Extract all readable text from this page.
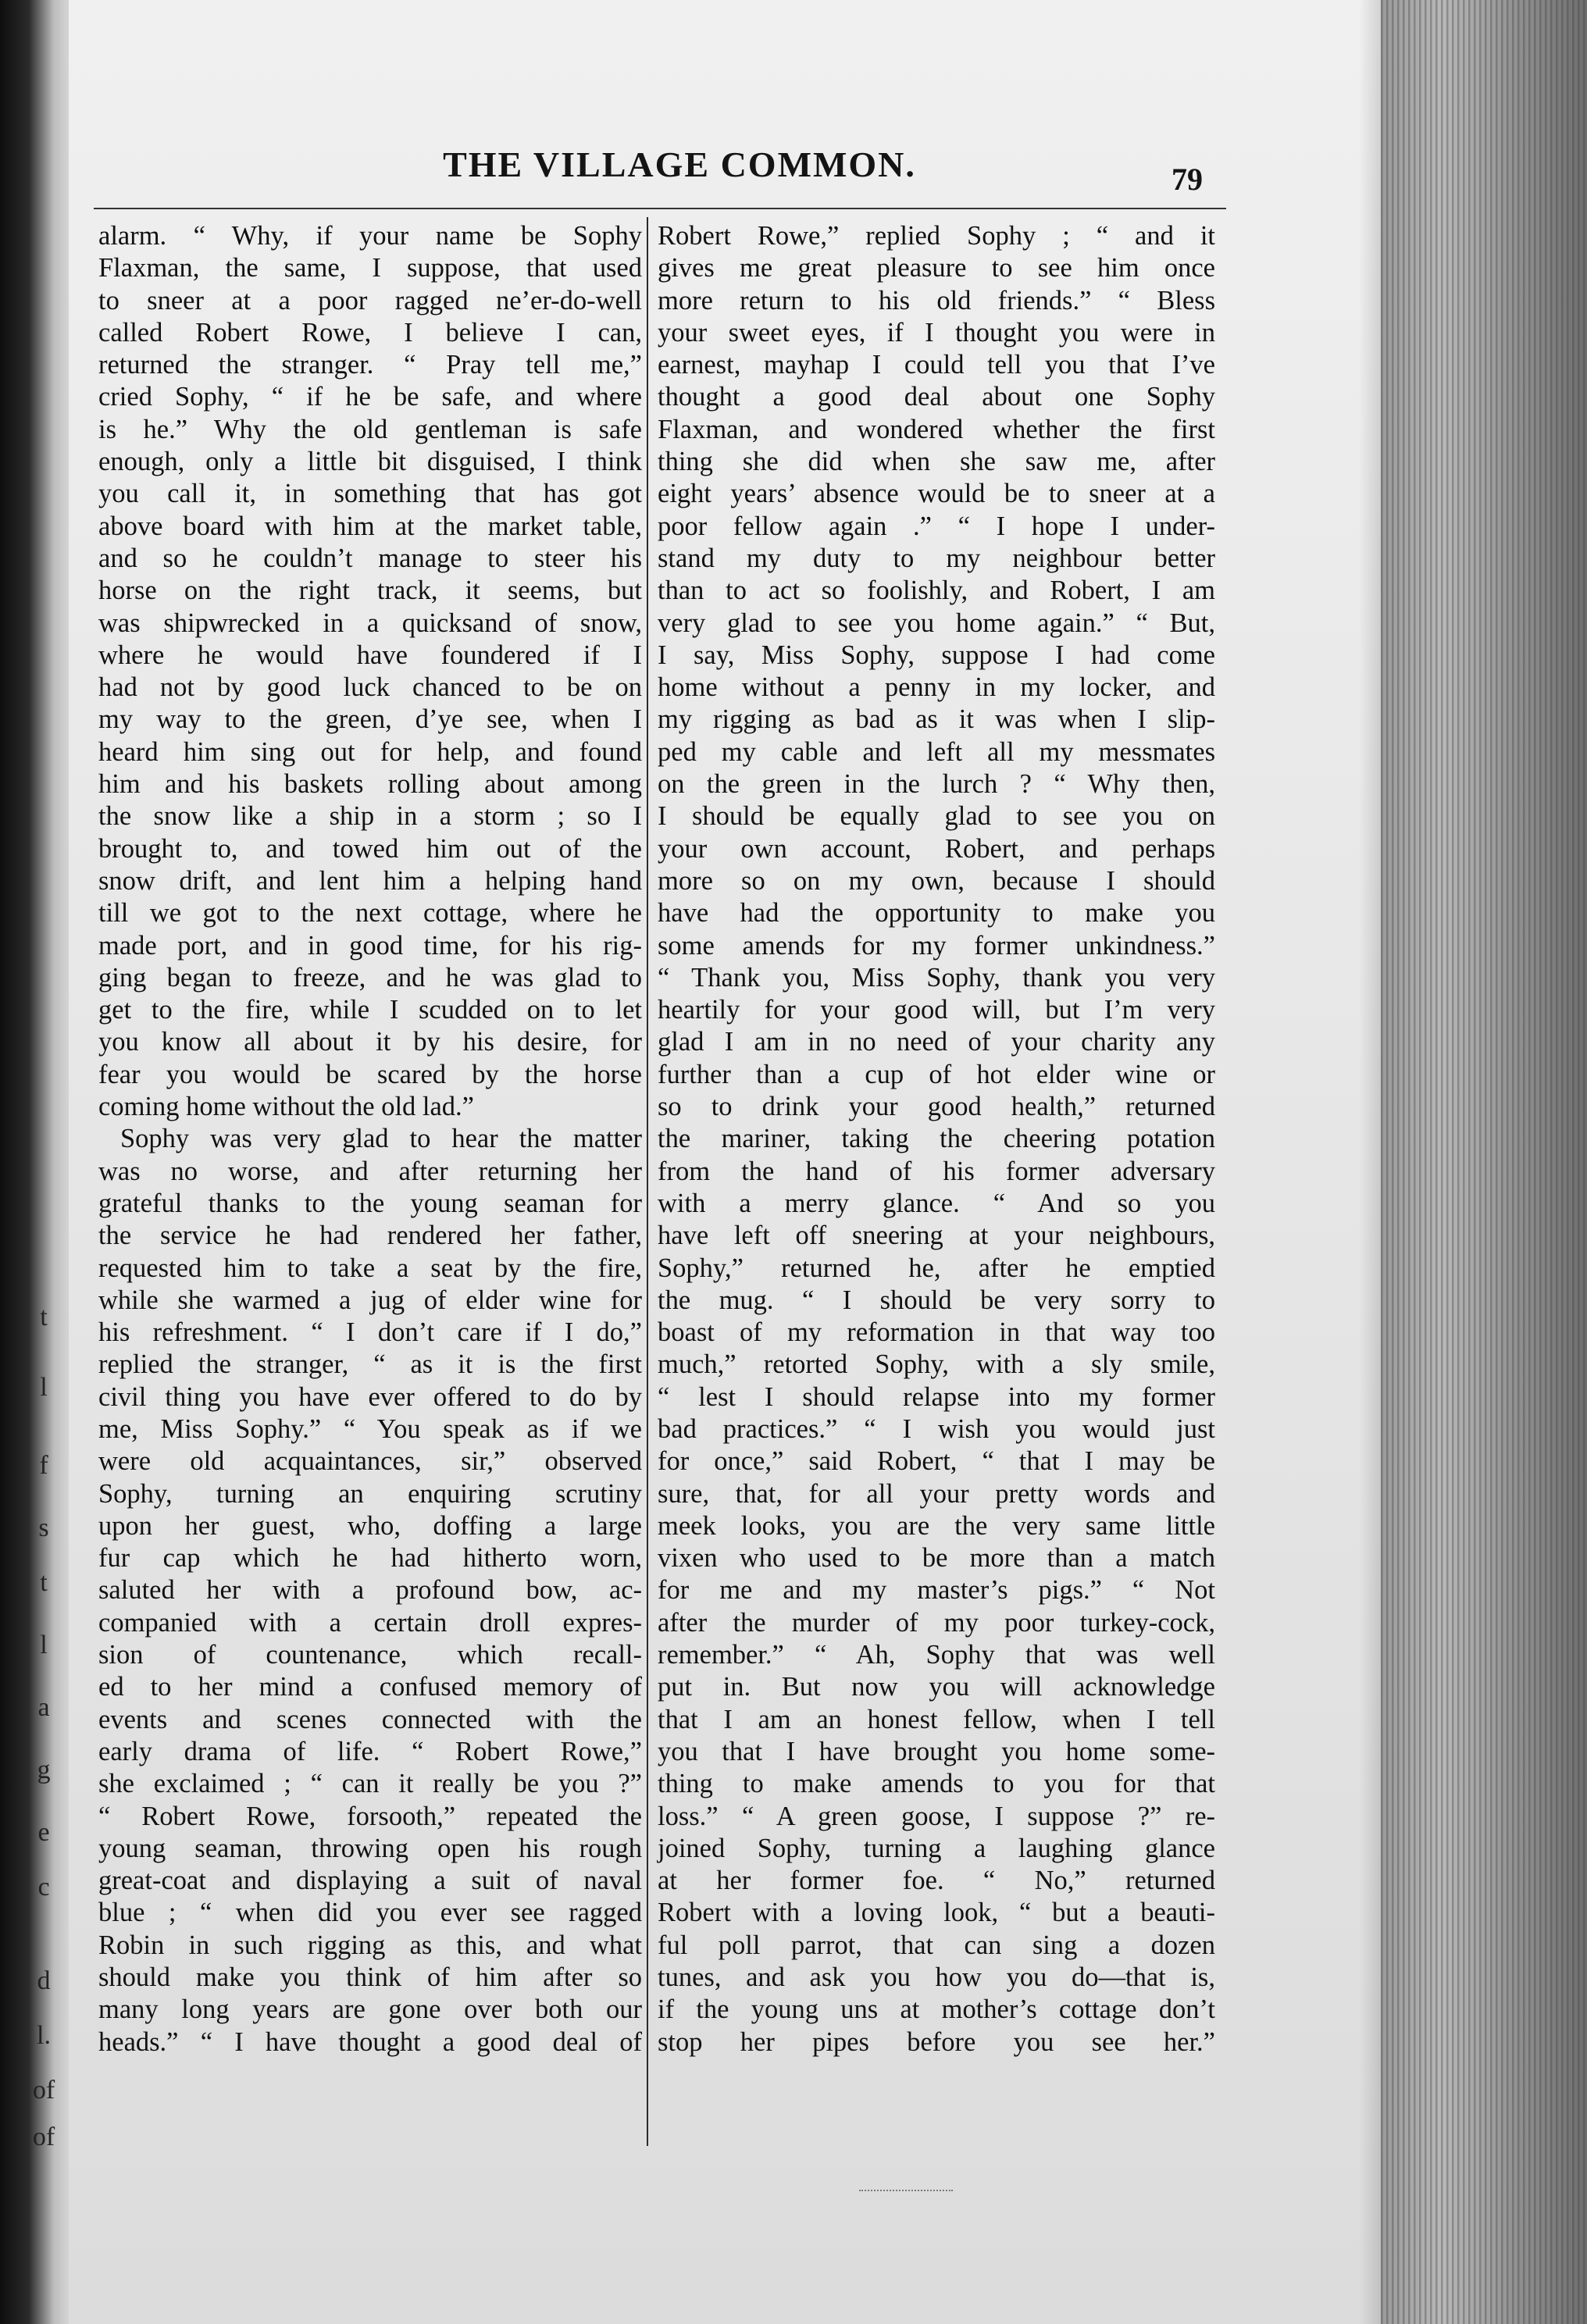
t
l
f
s
t
l
a
g
e
c
d
l.
of
of
THE VILLAGE COMMON.	79
alarm. “ Why, if your name be Sophy
Flaxman, the same, I suppose, that used
to sneer at a poor ragged ne’er-do-well
called Robert Rowe, I believe I can,
returned the stranger. “ Pray tell me,”
cried Sophy, “ if he be safe, and where
is he.” Why the old gentleman is safe
enough, only a little bit disguised, I think
you call it, in something that has got
above board with him at the market table,
and so he couldn’t manage to steer his
horse on the right track, it seems, but
was shipwrecked in a quicksand of snow,
where he would have foundered if I
had not by good luck chanced to be on
my way to the green, d’ye see, when I
heard him sing out for help, and found
him and his baskets rolling about among
the snow like a ship in a storm ; so I
brought to, and towed him out of the
snow drift, and lent him a helping hand
till we got to the next cottage, where he
made port, and in good time, for his rig-
ging began to freeze, and he was glad to
get to the fire, while I scudded on to let
you know all about it by his desire, for
fear you would be scared by the horse
coming home without the old lad.”
Sophy was very glad to hear the matter
was no worse, and after returning her
grateful thanks to the young seaman for
the service he had rendered her father,
requested him to take a seat by the fire,
while she warmed a jug of elder wine for
his refreshment. “ I don’t care if I do,”
replied the stranger, “ as it is the first
civil thing you have ever offered to do by
me, Miss Sophy.” “ You speak as if we
were old acquaintances, sir,” observed
Sophy, turning an enquiring scrutiny
upon her guest, who, doffing a large
fur cap which he had hitherto worn,
saluted her with a profound bow, ac-
companied with a certain droll expres-
sion of countenance, which recall-
ed to her mind a confused memory of
events and scenes connected with the
early drama of life. “ Robert Rowe,”
she exclaimed ; “ can it really be you ?”
“ Robert Rowe, forsooth,” repeated the
young seaman, throwing open his rough
great-coat and displaying a suit of naval
blue ; “ when did you ever see ragged
Robin in such rigging as this, and what
should make you think of him after so
many long years are gone over both our
heads.” “ I have thought a good deal of
Robert Rowe,” replied Sophy ; “ and it
gives me great pleasure to see him once
more return to his old friends.” “ Bless
your sweet eyes, if I thought you were in
earnest, mayhap I could tell you that I’ve
thought a good deal about one Sophy
Flaxman, and wondered whether the first
thing she did when she saw me, after
eight years’ absence would be to sneer at a
poor fellow again .” “ I hope I under-
stand my duty to my neighbour better
than to act so foolishly, and Robert, I am
very glad to see you home again.” “ But,
I say, Miss Sophy, suppose I had come
home without a penny in my locker, and
my rigging as bad as it was when I slip-
ped my cable and left all my messmates
on the green in the lurch ? “ Why then,
I should be equally glad to see you on
your own account, Robert, and perhaps
more so on my own, because I should
have had the opportunity to make you
some amends for my former unkindness.”
“ Thank you, Miss Sophy, thank you very
heartily for your good will, but I’m very
glad I am in no need of your charity any
further than a cup of hot elder wine or
so to drink your good health,” returned
the mariner, taking the cheering potation
from the hand of his former adversary
with a merry glance. “ And so you
have left off sneering at your neighbours,
Sophy,” returned he, after he emptied
the mug. “ I should be very sorry to
boast of my reformation in that way too
much,” retorted Sophy, with a sly smile,
“ lest I should relapse into my former
bad practices.” “ I wish you would just
for once,” said Robert, “ that I may be
sure, that, for all your pretty words and
meek looks, you are the very same little
vixen who used to be more than a match
for me and my master’s pigs.” “ Not
after the murder of my poor turkey-cock,
remember.” “ Ah, Sophy that was well
put in. But now you will acknowledge
that I am an honest fellow, when I tell
you that I have brought you home some-
thing to make amends to you for that
loss.” “ A green goose, I suppose ?” re-
joined Sophy, turning a laughing glance
at her former foe. “ No,” returned
Robert with a loving look, “ but a beauti-
ful poll parrot, that can sing a dozen
tunes, and ask you how you do—that is,
if the young uns at mother’s cottage don’t
stop her pipes before you see her.”
